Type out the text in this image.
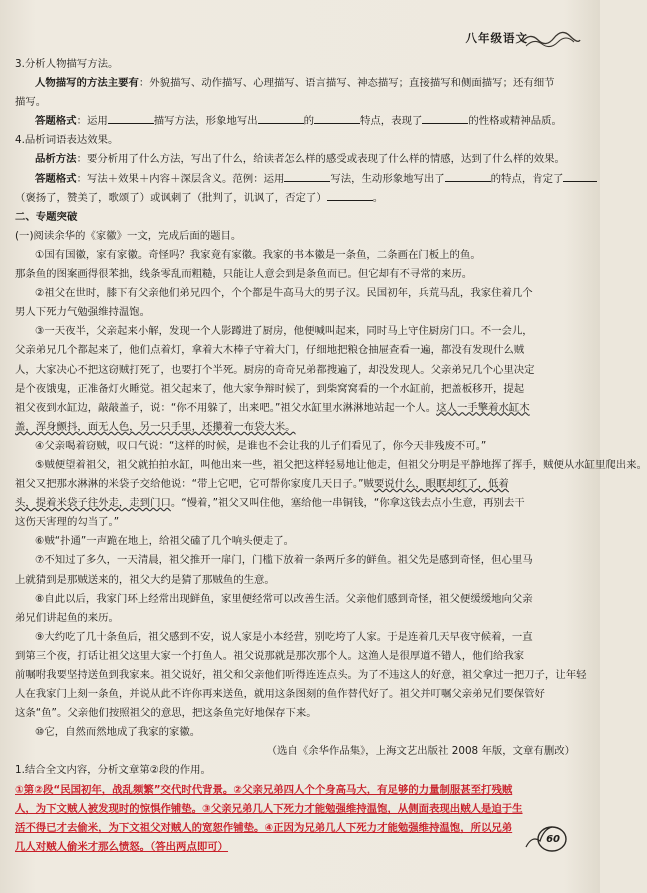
八年级语文

3.分析人物描写方法。

人物描写的方法主要有：外貌描写、动作描写、心理描写、语言描写、神态描写；直接描写和侧面描写；还有细节

描写。

答题格式：运用	描写方法，形象地写出	的	特点，表现了	的性格或精神品质。

4.品析词语表达效果。

品析方法：要分析用了什么方法，写出了什么，给读者怎么样的感受或表现了什么样的情感，达到了什么样的效果。

答题格式：写法＋效果＋内容＋深层含义。范例：运用	写法，生动形象地写出了	的特点，肯定了

（褒扬了，赞美了，歌颂了）或讽刺了（批判了，讥讽了，否定了）	。

二、专题突破

(一)阅读余华的《家徽》一文，完成后面的题目。

①国有国徽，家有家徽。奇怪吗？我家竟有家徽。我家的书本徽是一条鱼，二条画在门板上的鱼。

那条鱼的图案画得很苯拙，线条零乱而粗糙，只能让人意会到是条鱼而已。但它却有不寻常的来历。

②祖父在世时，膝下有父亲他们弟兄四个，个个都是牛高马大的男子汉。民国初年，兵荒马乱，我家住着几个

男人下死力气勉强维持温饱。

③一天夜半，父亲起来小解，发现一个人影蹲进了厨房，他便喊叫起来，同时马上守住厨房门口。不一会儿，

父亲弟兄几个都起来了，他们点着灯，拿着大木棒子守着大门，仔细地把粮仓抽屉查看一遍，都没有发现什么贼

人，大家决心不把这窃贼打死了，也要打个半死。厨房的奇奇兄弟都搜遍了，却没发现人。父亲弟兄几个心里决定

是个夜饿鬼，正准备灯火睡觉。祖父起来了，他大家争辩时候了，到柴窝窝看的一个水缸前，把盖板移开，提起

祖父夜到水缸边，敲敲盖子，说：“你不用躲了，出来吧。”祖父水缸里水淋淋地站起一个人。这人一手擎着水缸木

盖，浑身颤抖，面无人色，另一只手里，还攥着一布袋大米。

④父亲喝着窃贼，叹口气说：“这样的时候，是谁也不会让我的儿子们看见了，你今天非残废不可。”

⑤贼便望着祖父，祖父就拍拍水缸，叫他出来一些，祖父把这样轻易地让他走，但祖父分明是平静地挥了挥手，贼便从水缸里爬出来。

祖父又把那水淋淋的米袋子交给他说：“带上它吧，它可帮你家度几天日子。”贼要说什么，眼眶却红了，低着

头，提着米袋子往外走，走到门口。“慢着，”祖父又叫住他，塞给他一串铜钱，“你拿这钱去点小生意，再别去干

这伤天害理的勾当了。”

⑥贼“扑通”一声跪在地上，给祖父磕了几个响头便走了。

⑦不知过了多久，一天清晨，祖父推开一扉门，门槛下放着一条两斤多的鲜鱼。祖父先是感到奇怪，但心里马

上就猜到是那贼送来的，祖父大约是猜了那贼鱼的生意。

⑧自此以后，我家门环上经常出现鲜鱼，家里便经常可以改善生活。父亲他们感到奇怪，祖父便缓缓地向父亲

弟兄们讲起鱼的来历。

⑨大约吃了几十条鱼后，祖父感到不安，说人家是小本经营，别吃垮了人家。于是连着几天早夜守候着，一直

到第三个夜，打话让祖父这里大家一个打鱼人。祖父说那就是那次那个人。这渔人是很厚道不错人，他们给我家

前嘱咐我要坚持送鱼到我家来。祖父说好，祖父和父亲他们听得连连点头。为了不违这人的好意，祖父拿过一把刀子，让年轻

人在我家门上刻一条鱼，并说从此不许你再来送鱼，就用这条图刻的鱼作替代好了。祖父并叮嘱父亲弟兄们要保管好

这条“鱼”。父亲他们按照祖父的意思，把这条鱼完好地保存下来。

⑩它，自然而然地成了我家的家徽。

（选自《余华作品集》，上海文艺出版社 2008 年版，文章有删改）

1.结合全文内容，分析文章第②段的作用。

①第②段“民国初年，战乱频繁”交代时代背景。②父亲兄弟四人个个身高马大，有足够的力量制服甚至打残贼

人，为下文贼人被发现时的惊惧作铺垫。③父亲兄弟几人下死力才能勉强维持温饱，从侧面表现出贼人是迫于生

活不得已才去偷米，为下文祖父对贼人的宽恕作铺垫。④正因为兄弟几人下死力才能勉强维持温饱，所以兄弟

几人对贼人偷米才那么愤怒。（答出两点即可）

60
